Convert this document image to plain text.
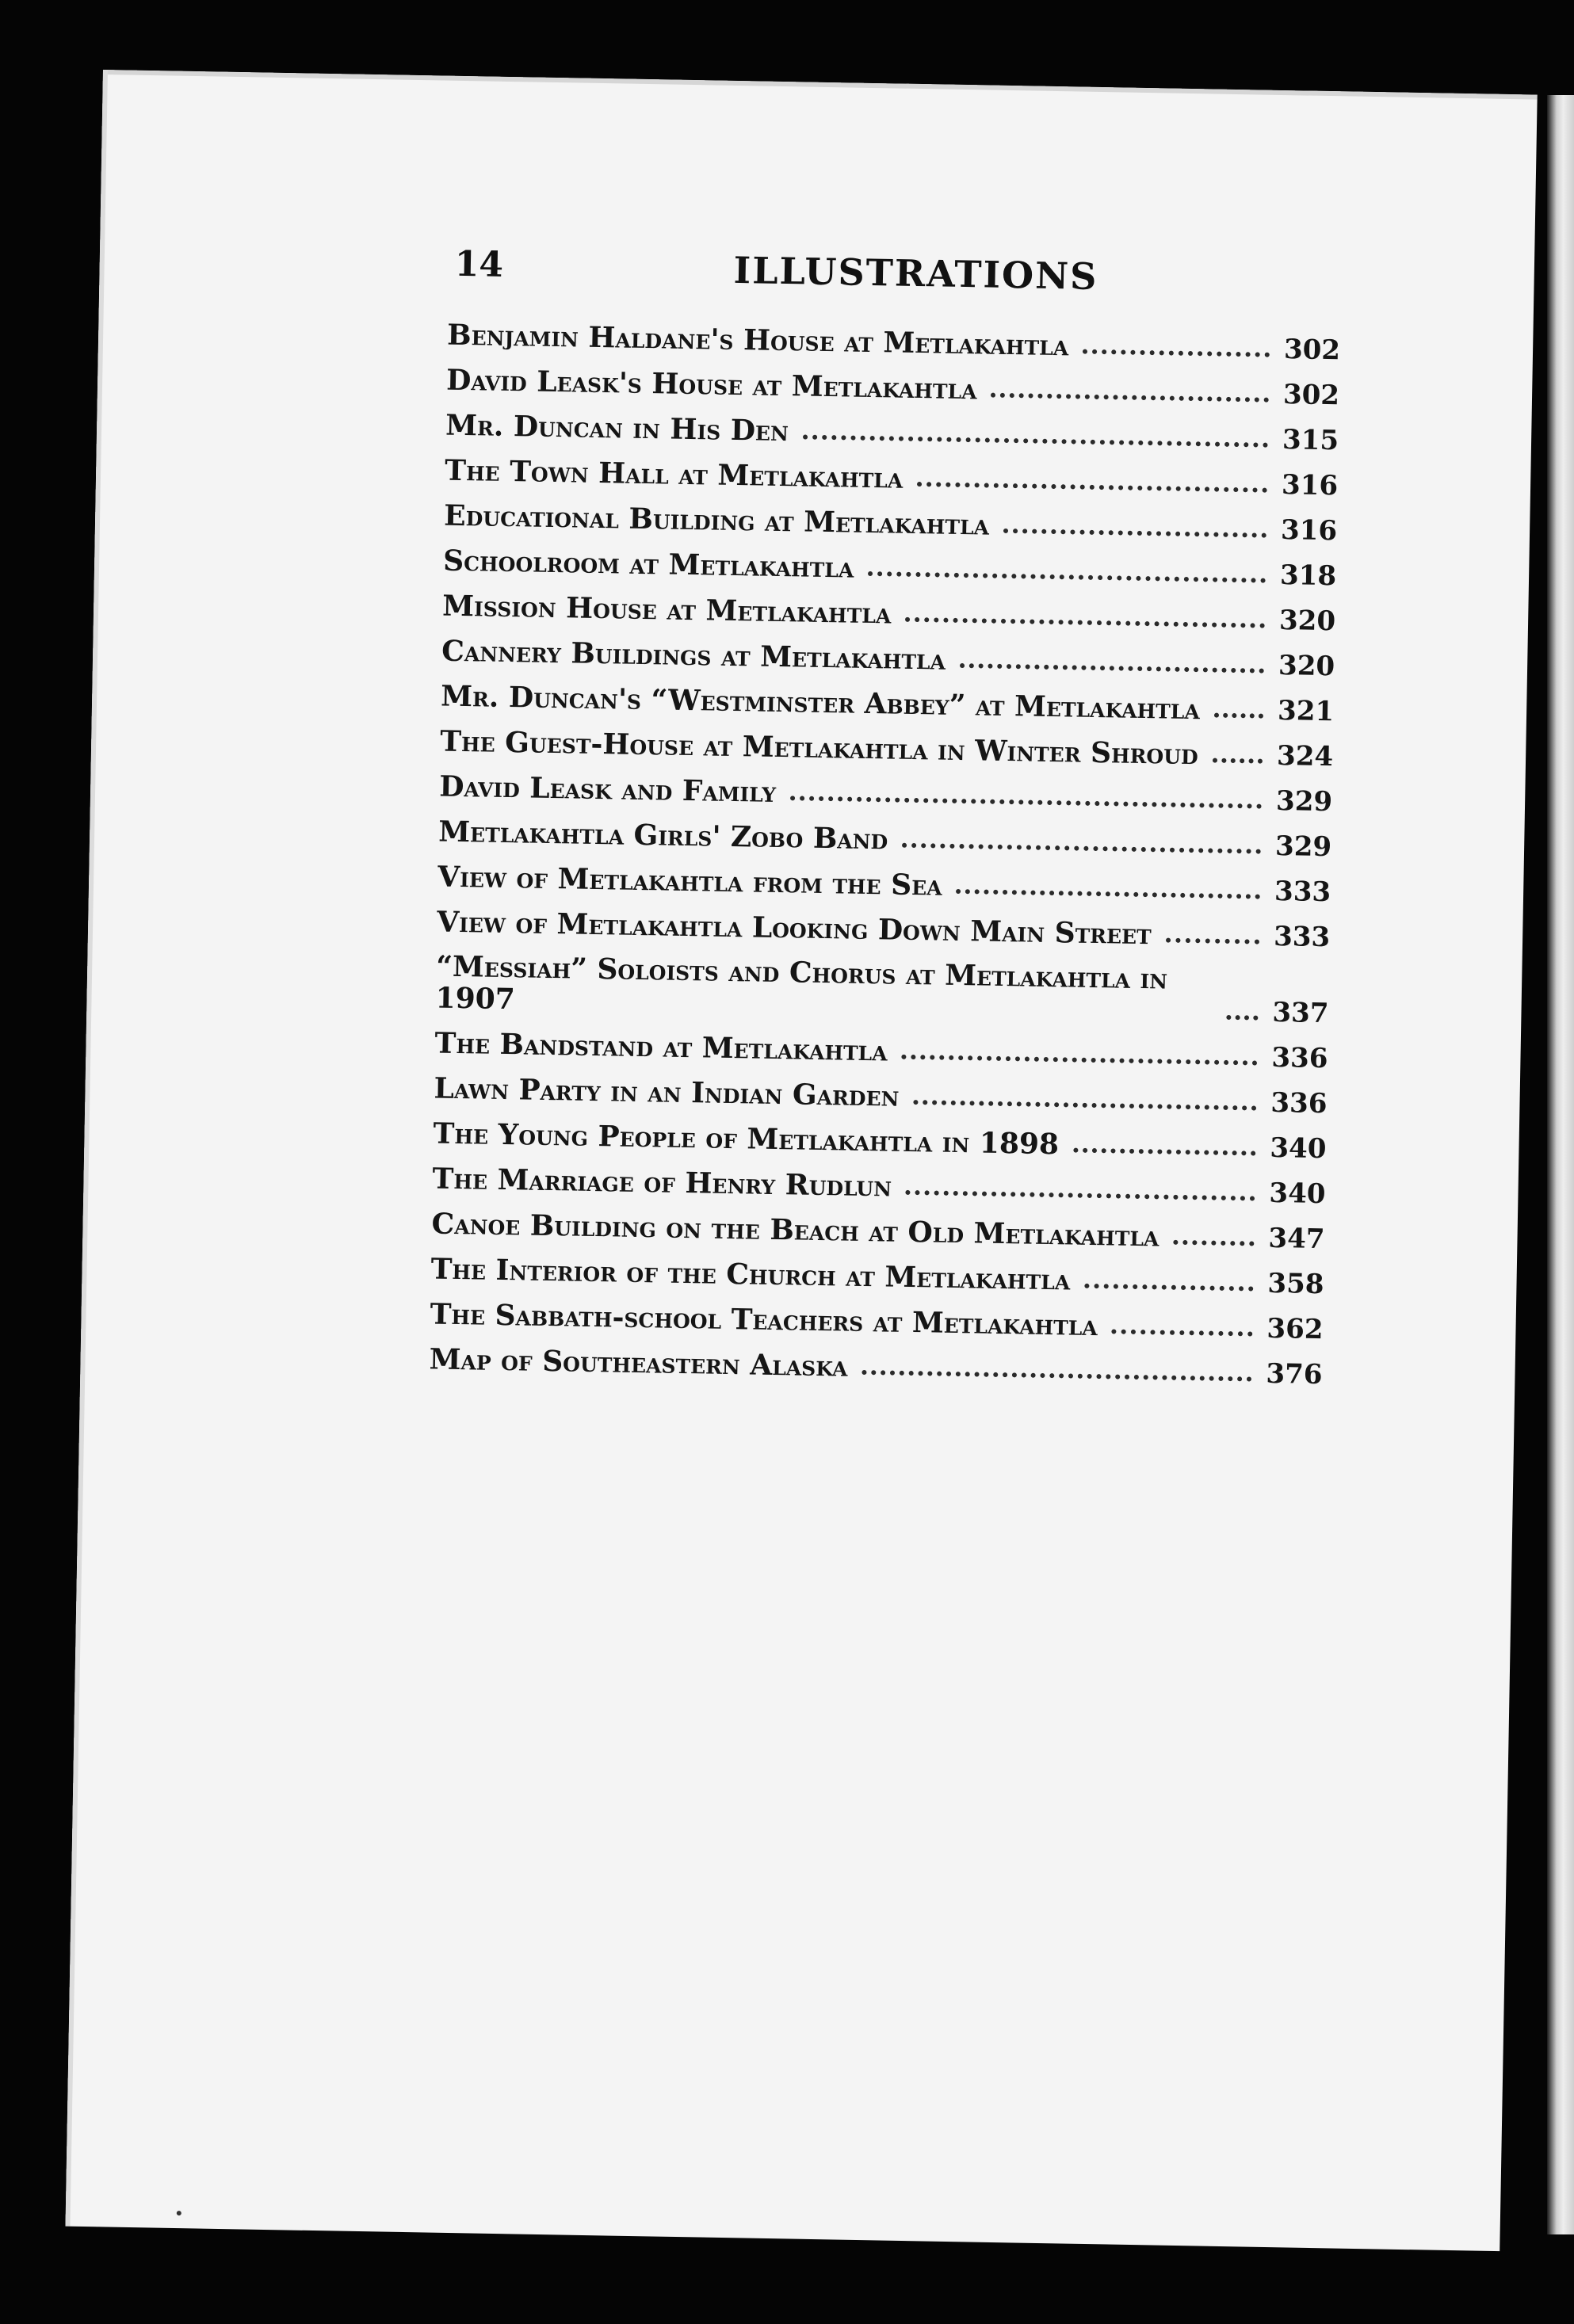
14	ILLUSTRATIONS
Benjamin Haldane's House at Metlakahtla	302
David Leask's House at Metlakahtla	302
Mr. Duncan in His Den	315
The Town Hall at Metlakahtla	316
Educational Building at Metlakahtla	316
Schoolroom at Metlakahtla	318
Mission House at Metlakahtla	320
Cannery Buildings at Metlakahtla	320
Mr. Duncan's “Westminster Abbey” at Metlakahtla	321
The Guest-House at Metlakahtla in Winter Shroud	324
David Leask and Family	329
Metlakahtla Girls' Zobo Band	329
View of Metlakahtla from the Sea	333
View of Metlakahtla Looking Down Main Street	333
“Messiah” Soloists and Chorus at Metlakahtla in 1907	337
The Bandstand at Metlakahtla	336
Lawn Party in an Indian Garden	336
The Young People of Metlakahtla in 1898	340
The Marriage of Henry Rudlun	340
Canoe Building on the Beach at Old Metlakahtla	347
The Interior of the Church at Metlakahtla	358
The Sabbath-school Teachers at Metlakahtla	362
Map of Southeastern Alaska	376
